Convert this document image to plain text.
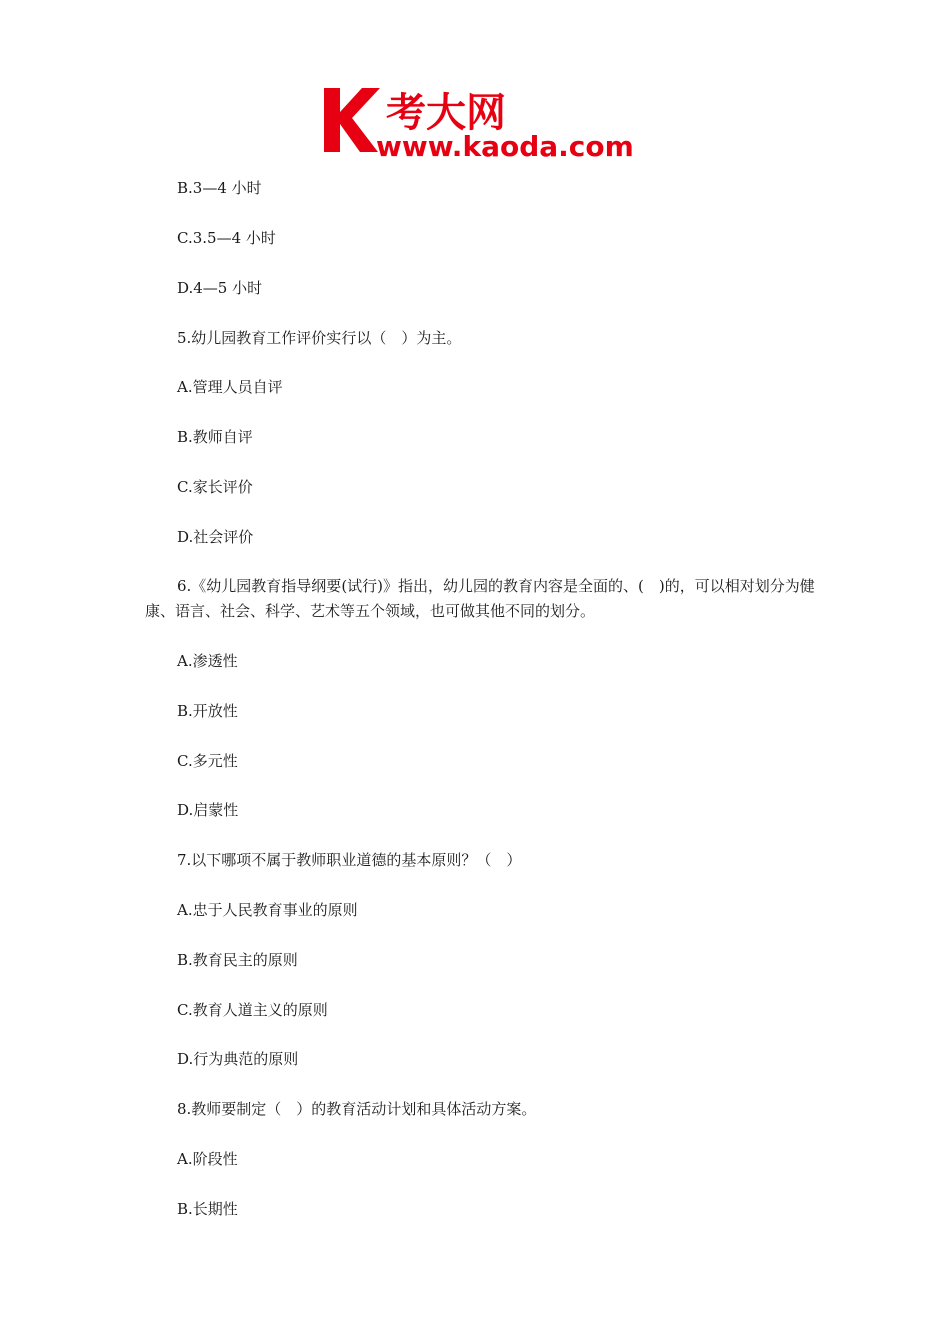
考大网
www.kaoda.com
B.3—4 小时
C.3.5—4 小时
D.4—5 小时
5.幼儿园教育工作评价实行以（　）为主。
A.管理人员自评
B.教师自评
C.家长评价
D.社会评价
6.《幼儿园教育指导纲要(试行)》指出，幼儿园的教育内容是全面的、(　)的，可以相对划分为健康、语言、社会、科学、艺术等五个领域，也可做其他不同的划分。
A.渗透性
B.开放性
C.多元性
D.启蒙性
7.以下哪项不属于教师职业道德的基本原则？（　）
A.忠于人民教育事业的原则
B.教育民主的原则
C.教育人道主义的原则
D.行为典范的原则
8.教师要制定（　）的教育活动计划和具体活动方案。
A.阶段性
B.长期性
